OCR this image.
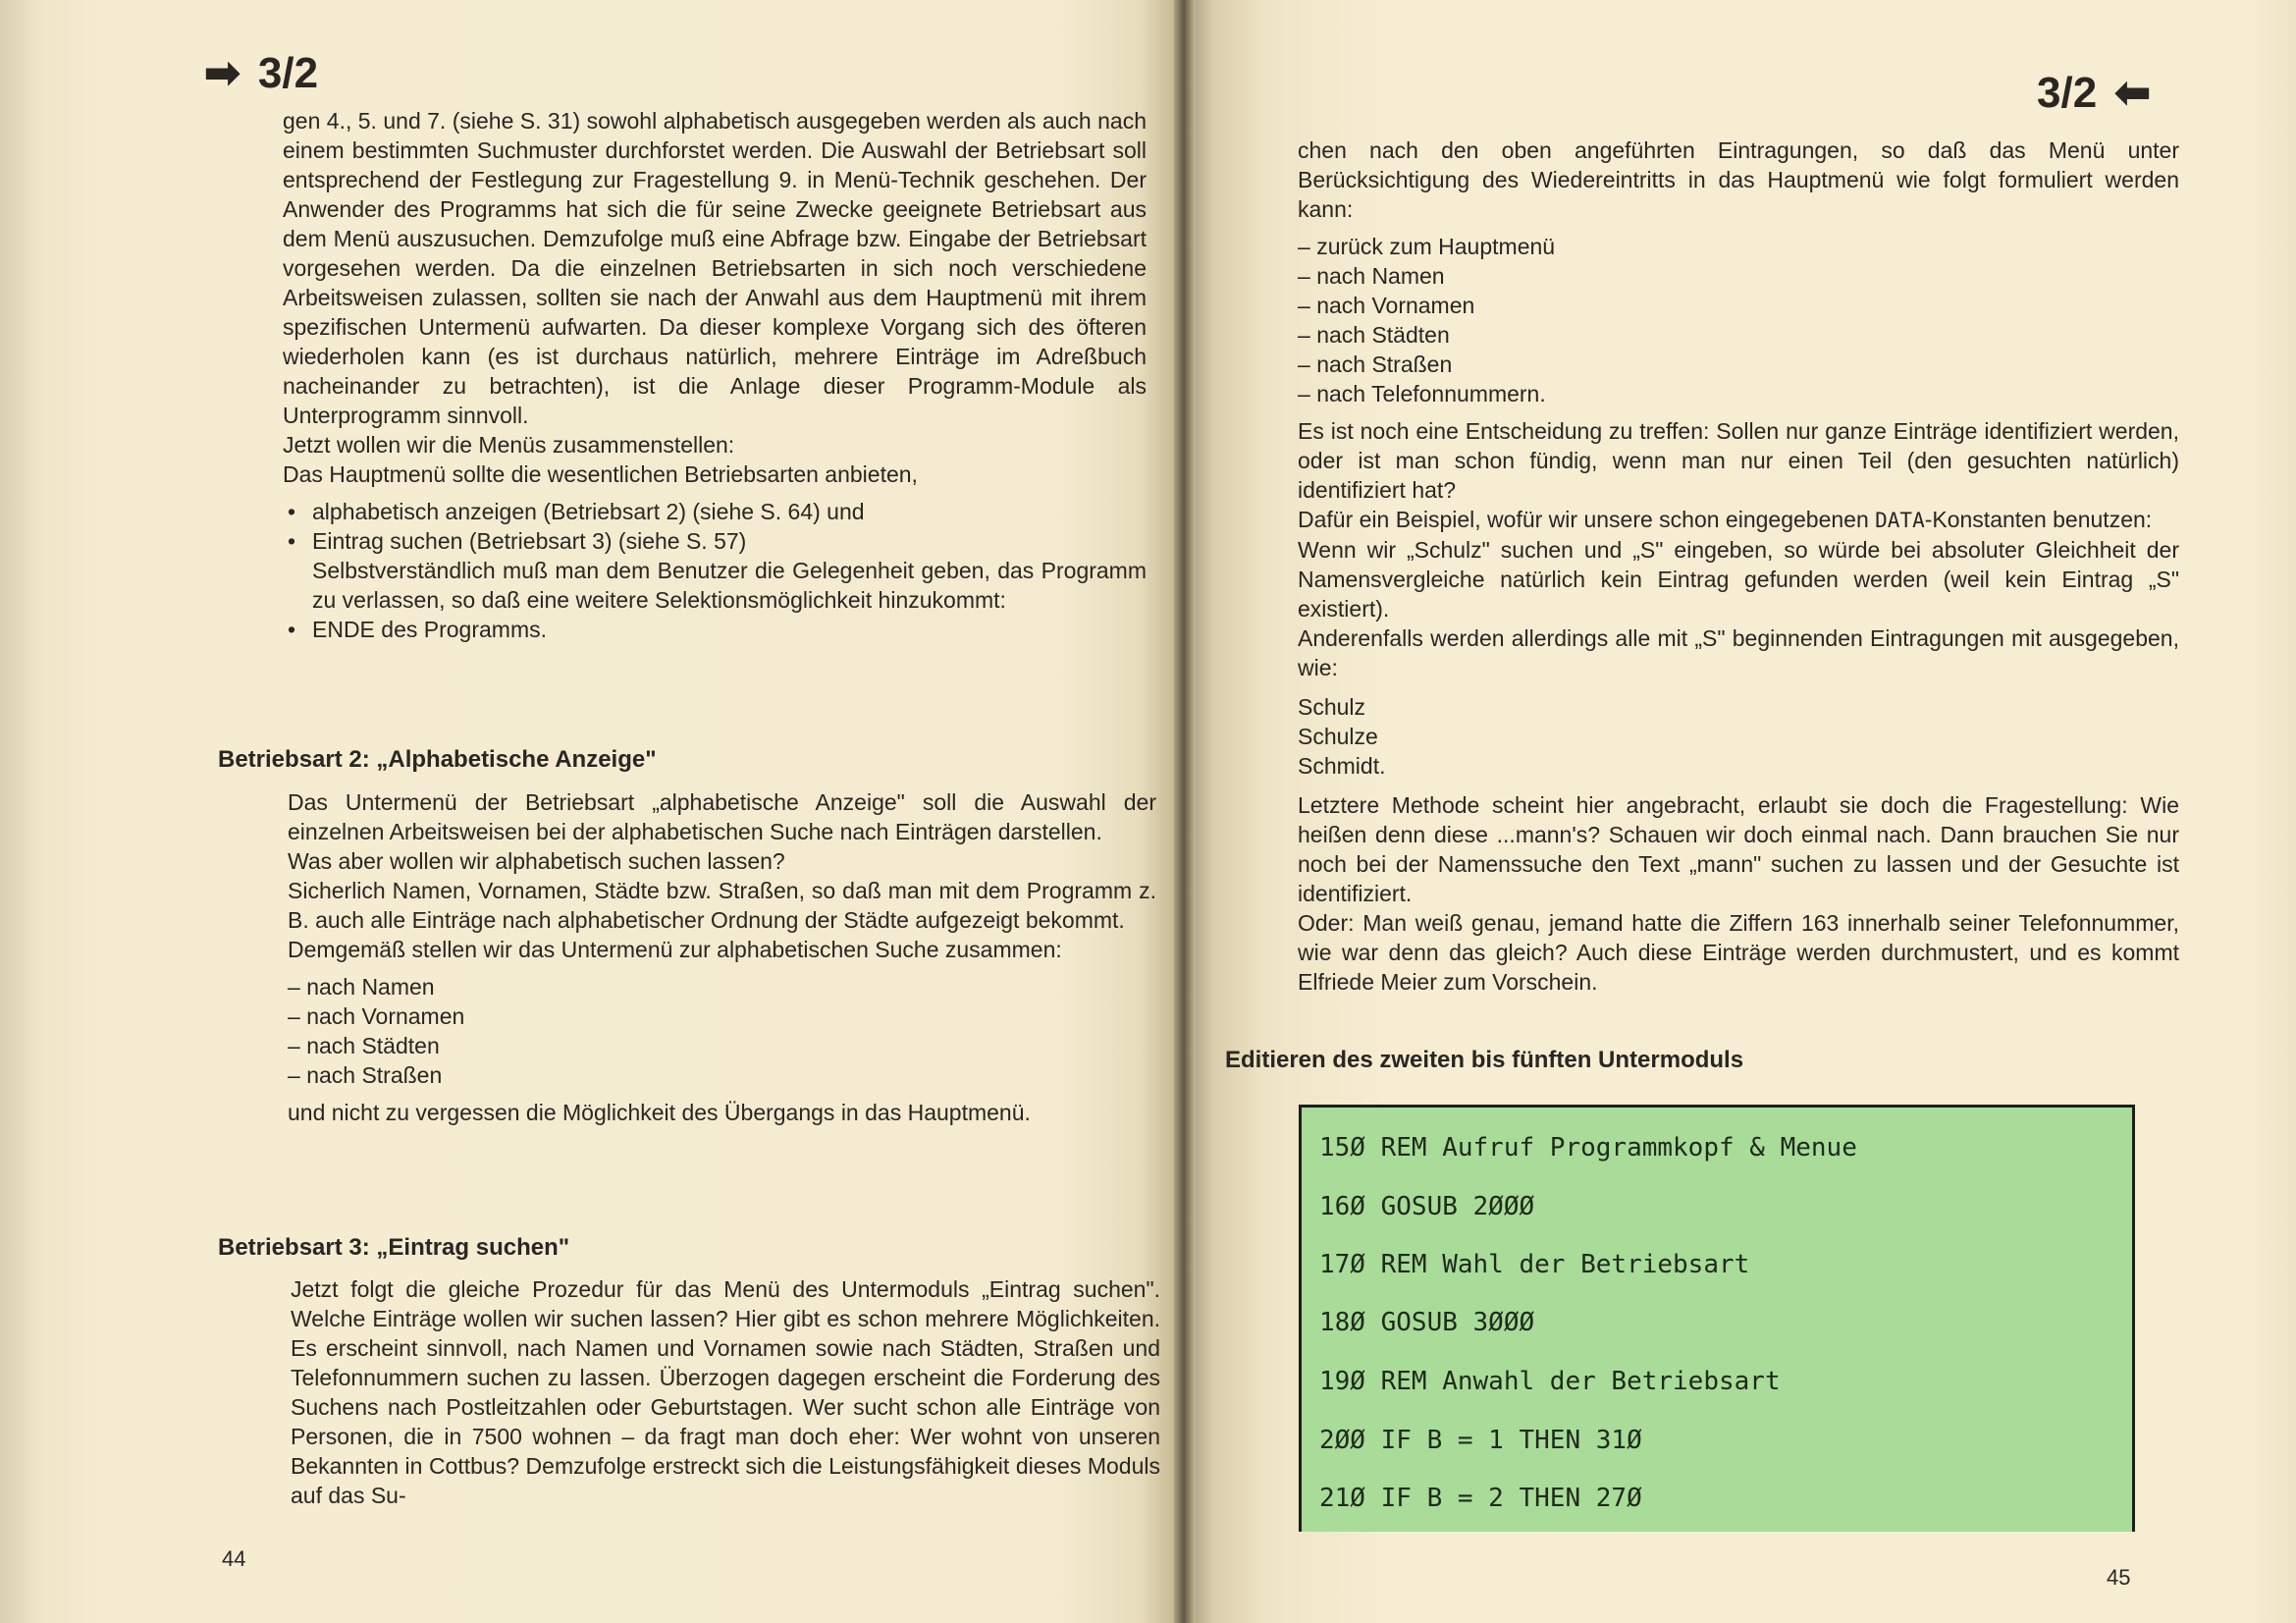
➡ 3/2

gen 4., 5. und 7. (siehe S. 31) sowohl alphabetisch ausgegeben werden als auch nach einem bestimmten Suchmuster durchforstet werden. Die Auswahl der Betriebsart soll entsprechend der Festlegung zur Fragestellung 9. in Menü-Technik geschehen. Der Anwender des Programms hat sich die für seine Zwecke geeignete Betriebsart aus dem Menü auszusuchen. Demzufolge muß eine Abfrage bzw. Eingabe der Betriebsart vorgesehen werden. Da die einzelnen Betriebsarten in sich noch verschiedene Arbeitsweisen zulassen, sollten sie nach der Anwahl aus dem Hauptmenü mit ihrem spezifischen Untermenü aufwarten. Da dieser komplexe Vorgang sich des öfteren wiederholen kann (es ist durchaus natürlich, mehrere Einträge im Adreßbuch nacheinander zu betrachten), ist die Anlage dieser Programm-Module als Unterprogramm sinnvoll.

Jetzt wollen wir die Menüs zusammenstellen:

Das Hauptmenü sollte die wesentlichen Betriebsarten anbieten,

• alphabetisch anzeigen (Betriebsart 2) (siehe S. 64) und
• Eintrag suchen (Betriebsart 3) (siehe S. 57)

Selbstverständlich muß man dem Benutzer die Gelegenheit geben, das Programm zu verlassen, so daß eine weitere Selektionsmöglichkeit hinzukommt:

• ENDE des Programms.
Betriebsart 2: „Alphabetische Anzeige"

Das Untermenü der Betriebsart „alphabetische Anzeige" soll die Auswahl der einzelnen Arbeitsweisen bei der alphabetischen Suche nach Einträgen darstellen.

Was aber wollen wir alphabetisch suchen lassen?

Sicherlich Namen, Vornamen, Städte bzw. Straßen, so daß man mit dem Programm z. B. auch alle Einträge nach alphabetischer Ordnung der Städte aufgezeigt bekommt.

Demgemäß stellen wir das Untermenü zur alphabetischen Suche zusammen:

– nach Namen
– nach Vornamen
– nach Städten
– nach Straßen

und nicht zu vergessen die Möglichkeit des Übergangs in das Hauptmenü.

Betriebsart 3: „Eintrag suchen"

Jetzt folgt die gleiche Prozedur für das Menü des Untermoduls „Eintrag suchen". Welche Einträge wollen wir suchen lassen? Hier gibt es schon mehrere Möglichkeiten. Es erscheint sinnvoll, nach Namen und Vornamen sowie nach Städten, Straßen und Telefonnummern suchen zu lassen. Überzogen dagegen erscheint die Forderung des Suchens nach Postleitzahlen oder Geburtstagen. Wer sucht schon alle Einträge von Personen, die in 7500 wohnen – da fragt man doch eher: Wer wohnt von unseren Bekannten in Cottbus? Demzufolge erstreckt sich die Leistungsfähigkeit dieses Moduls auf das Su-

44
3/2 ⬅

chen nach den oben angeführten Eintragungen, so daß das Menü unter Berücksichtigung des Wiedereintritts in das Hauptmenü wie folgt formuliert werden kann:

– zurück zum Hauptmenü
– nach Namen
– nach Vornamen
– nach Städten
– nach Straßen
– nach Telefonnummern.

Es ist noch eine Entscheidung zu treffen: Sollen nur ganze Einträge identifiziert werden, oder ist man schon fündig, wenn man nur einen Teil (den gesuchten natürlich) identifiziert hat?

Dafür ein Beispiel, wofür wir unsere schon eingegebenen DATA-Konstanten benutzen:

Wenn wir „Schulz" suchen und „S" eingeben, so würde bei absoluter Gleichheit der Namensvergleiche natürlich kein Eintrag gefunden werden (weil kein Eintrag „S" existiert).

Anderenfalls werden allerdings alle mit „S" beginnenden Eintragungen mit ausgegeben, wie:

Schulz
Schulze
Schmidt.

Letztere Methode scheint hier angebracht, erlaubt sie doch die Fragestellung: Wie heißen denn diese ...mann's? Schauen wir doch einmal nach. Dann brauchen Sie nur noch bei der Namenssuche den Text „mann" suchen zu lassen und der Gesuchte ist identifiziert.

Oder: Man weiß genau, jemand hatte die Ziffern 163 innerhalb seiner Telefonnummer, wie war denn das gleich? Auch diese Einträge werden durchmustert, und es kommt Elfriede Meier zum Vorschein.

Editieren des zweiten bis fünften Untermoduls
15Ø REM Aufruf Programmkopf & Menue
16Ø GOSUB 2ØØØ
17Ø REM Wahl der Betriebsart
18Ø GOSUB 3ØØØ
19Ø REM Anwahl der Betriebsart
2ØØ IF B = 1 THEN 31Ø
21Ø IF B = 2 THEN 27Ø
45
